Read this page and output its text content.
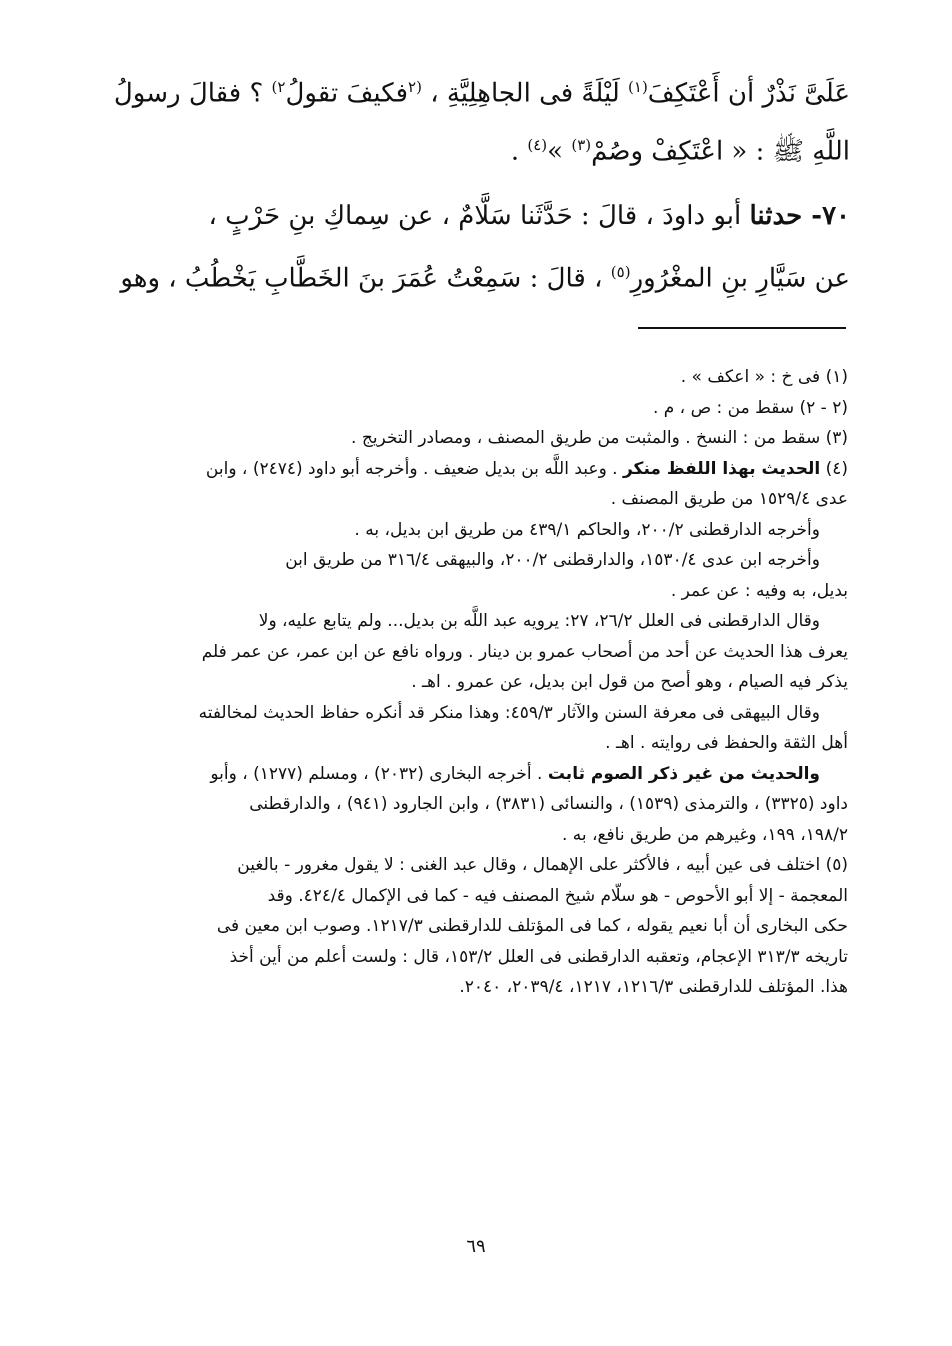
عَلَىَّ نَذْرٌ أن أَعْتَكِفَ$^{(١)}$ لَيْلَةً فى الجاهِلِيَّةِ ، $^{(٢}$فكيفَ تقولُ$^{٢)}$ ؟ فقالَ رسولُ
اللَّهِ ﷺ : « اعْتَكِفْ وصُمْ$^{(٣)}$ »$^{(٤)}$ .
٧٠- حدثنا أبو داودَ ، قالَ : حَدَّثَنا سَلَّامٌ ، عن سِماكِ بنِ حَرْبٍ ،
عن سَيَّارِ بنِ المغْرُورِ$^{(٥)}$ ، قالَ : سَمِعْتُ عُمَرَ بنَ الخَطَّابِ يَخْطُبُ ، وهو

(١) فى خ : « اعكف » .

(٢ - ٢) سقط من : ص ، م .

(٣) سقط من : النسخ . والمثبت من طريق المصنف ، ومصادر التخريج .

(٤) الحديث بهذا اللفظ منكر . وعبد اللَّه بن بديل ضعيف . وأخرجه أبو داود (٢٤٧٤) ، وابن

عدى ١٥٢٩/٤ من طريق المصنف .

وأخرجه الدارقطنى ٢٠٠/٢، والحاكم ٤٣٩/١ من طريق ابن بديل، به .

وأخرجه ابن عدى ١٥٣٠/٤، والدارقطنى ٢٠٠/٢، والبيهقى ٣١٦/٤ من طريق ابن

بديل، به وفيه : عن عمر .

وقال الدارقطنى فى العلل ٢٦/٢، ٢٧: يرويه عبد اللَّه بن بديل... ولم يتابع عليه، ولا

يعرف هذا الحديث عن أحد من أصحاب عمرو بن دينار . ورواه نافع عن ابن عمر، عن عمر فلم

يذكر فيه الصيام ، وهو أصح من قول ابن بديل، عن عمرو . اهـ .

وقال البيهقى فى معرفة السنن والآثار ٤٥٩/٣: وهذا منكر قد أنكره حفاظ الحديث لمخالفته

أهل الثقة والحفظ فى روايته . اهـ .

والحديث من غير ذكر الصوم ثابت . أخرجه البخارى (٢٠٣٢) ، ومسلم (١٢٧٧) ، وأبو

داود (٣٣٢٥) ، والترمذى (١٥٣٩) ، والنسائى (٣٨٣١) ، وابن الجارود (٩٤١) ، والدارقطنى

١٩٨/٢، ١٩٩، وغيرهم من طريق نافع، به .

(٥) اختلف فى عين أبيه ، فالأكثر على الإهمال ، وقال عبد الغنى : لا يقول مغرور - بالغين

المعجمة - إلا أبو الأحوص - هو سلّام شيخ المصنف فيه - كما فى الإكمال ٤٢٤/٤. وقد

حكى البخارى أن أبا نعيم يقوله ، كما فى المؤتلف للدارقطنى ١٢١٧/٣. وصوب ابن معين فى

تاريخه ٣١٣/٣ الإعجام، وتعقبه الدارقطنى فى العلل ١٥٣/٢، قال : ولست أعلم من أين أخذ

هذا. المؤتلف للدارقطنى ١٢١٦/٣، ١٢١٧، ٢٠٣٩/٤، ٢٠٤٠.

٦٩
